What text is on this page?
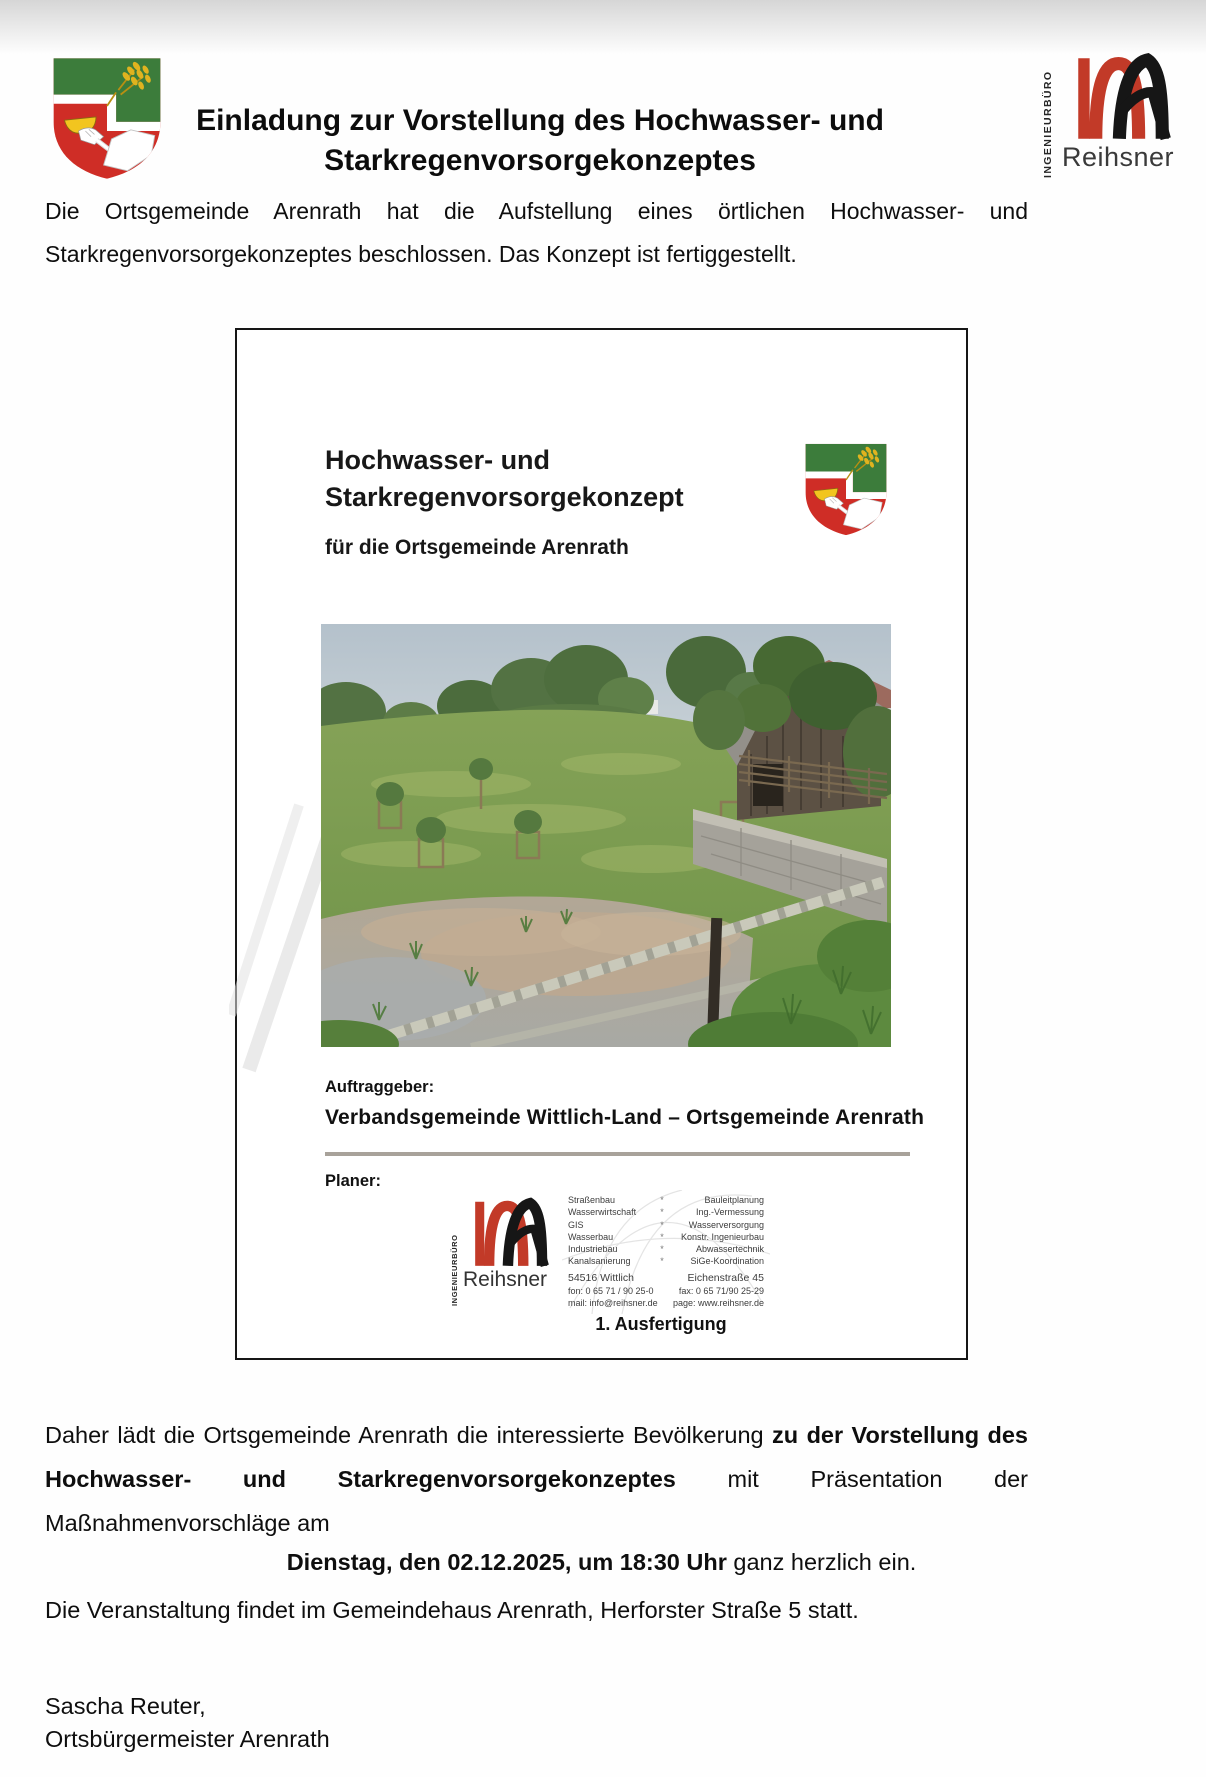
Einladung zur Vorstellung des Hochwasser- und
Starkregenvorsorgekonzeptes	INGENIEURBÜRO Reihsner

Die Ortsgemeinde Arenrath hat die Aufstellung eines örtlichen Hochwasser- und Starkregenvorsorgekonzeptes beschlossen. Das Konzept ist fertiggestellt.

Hochwasser- und
Starkregenvorsorgekonzept
für die Ortsgemeinde Arenrath
Auftraggeber:
Verbandsgemeinde Wittlich-Land – Ortsgemeinde Arenrath
Planer:
INGENIEURBÜRO Reihsner
Straßenbau	*	Bauleitplanung
Wasserwirtschaft	*	Ing.-Vermessung
GIS	*	Wasserversorgung
Wasserbau	*	Konstr. Ingenieurbau
Industriebau	*	Abwassertechnik
Kanalsanierung	*	SiGe-Koordination
54516 Wittlich	Eichenstraße 45
fon: 0 65 71 / 90 25-0	fax: 0 65 71/90 25-29
mail: info@reihsner.de	page: www.reihsner.de
1. Ausfertigung

Daher lädt die Ortsgemeinde Arenrath die interessierte Bevölkerung zu der Vorstellung des Hochwasser- und Starkregenvorsorgekonzeptes mit Präsentation der Maßnahmenvorschläge am

Dienstag, den 02.12.2025, um 18:30 Uhr ganz herzlich ein.

Die Veranstaltung findet im Gemeindehaus Arenrath, Herforster Straße 5 statt.

Sascha Reuter,
Ortsbürgermeister Arenrath
